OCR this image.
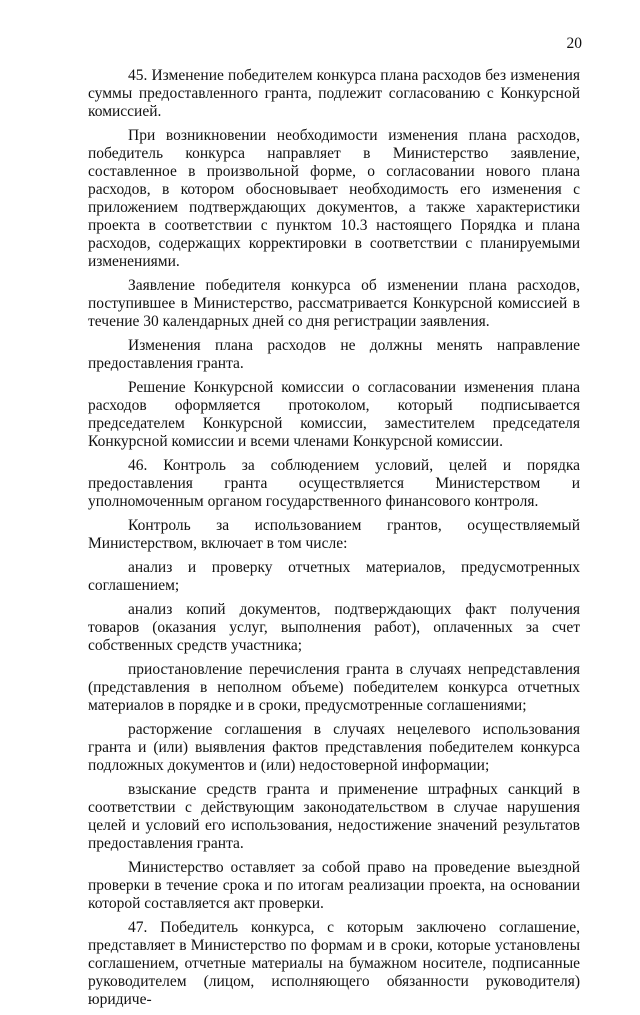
20

45. Изменение победителем конкурса плана расходов без изменения суммы предоставленного гранта, подлежит согласованию с Конкурсной комиссией.

При возникновении необходимости изменения плана расходов, победитель конкурса направляет в Министерство заявление, составленное в произвольной форме, о согласовании нового плана расходов, в котором обосновывает необходимость его изменения с приложением подтверждающих документов, а также характеристики проекта в соответствии с пунктом 10.3 настоящего Порядка и плана расходов, содержащих корректировки в соответствии с планируемыми изменениями.

Заявление победителя конкурса об изменении плана расходов, поступившее в Министерство, рассматривается Конкурсной комиссией в течение 30 календарных дней со дня регистрации заявления.

Изменения плана расходов не должны менять направление предоставления гранта.

Решение Конкурсной комиссии о согласовании изменения плана расходов оформляется протоколом, который подписывается председателем Конкурсной комиссии, заместителем председателя Конкурсной комиссии и всеми членами Конкурсной комиссии.

46. Контроль за соблюдением условий, целей и порядка предоставления гранта осуществляется Министерством и уполномоченным органом государственного финансового контроля.

Контроль за использованием грантов, осуществляемый Министерством, включает в том числе:

анализ и проверку отчетных материалов, предусмотренных соглашением;

анализ копий документов, подтверждающих факт получения товаров (оказания услуг, выполнения работ), оплаченных за счет собственных средств участника;

приостановление перечисления гранта в случаях непредставления (представления в неполном объеме) победителем конкурса отчетных материалов в порядке и в сроки, предусмотренные соглашениями;

расторжение соглашения в случаях нецелевого использования гранта и (или) выявления фактов представления победителем конкурса подложных документов и (или) недостоверной информации;

взыскание средств гранта и применение штрафных санкций в соответствии с действующим законодательством в случае нарушения целей и условий его использования, недостижение значений результатов предоставления гранта.

Министерство оставляет за собой право на проведение выездной проверки в течение срока и по итогам реализации проекта, на основании которой составляется акт проверки.

47. Победитель конкурса, с которым заключено соглашение, представляет в Министерство по формам и в сроки, которые установлены соглашением, отчетные материалы на бумажном носителе, подписанные руководителем (лицом, исполняющего обязанности руководителя) юридиче-
